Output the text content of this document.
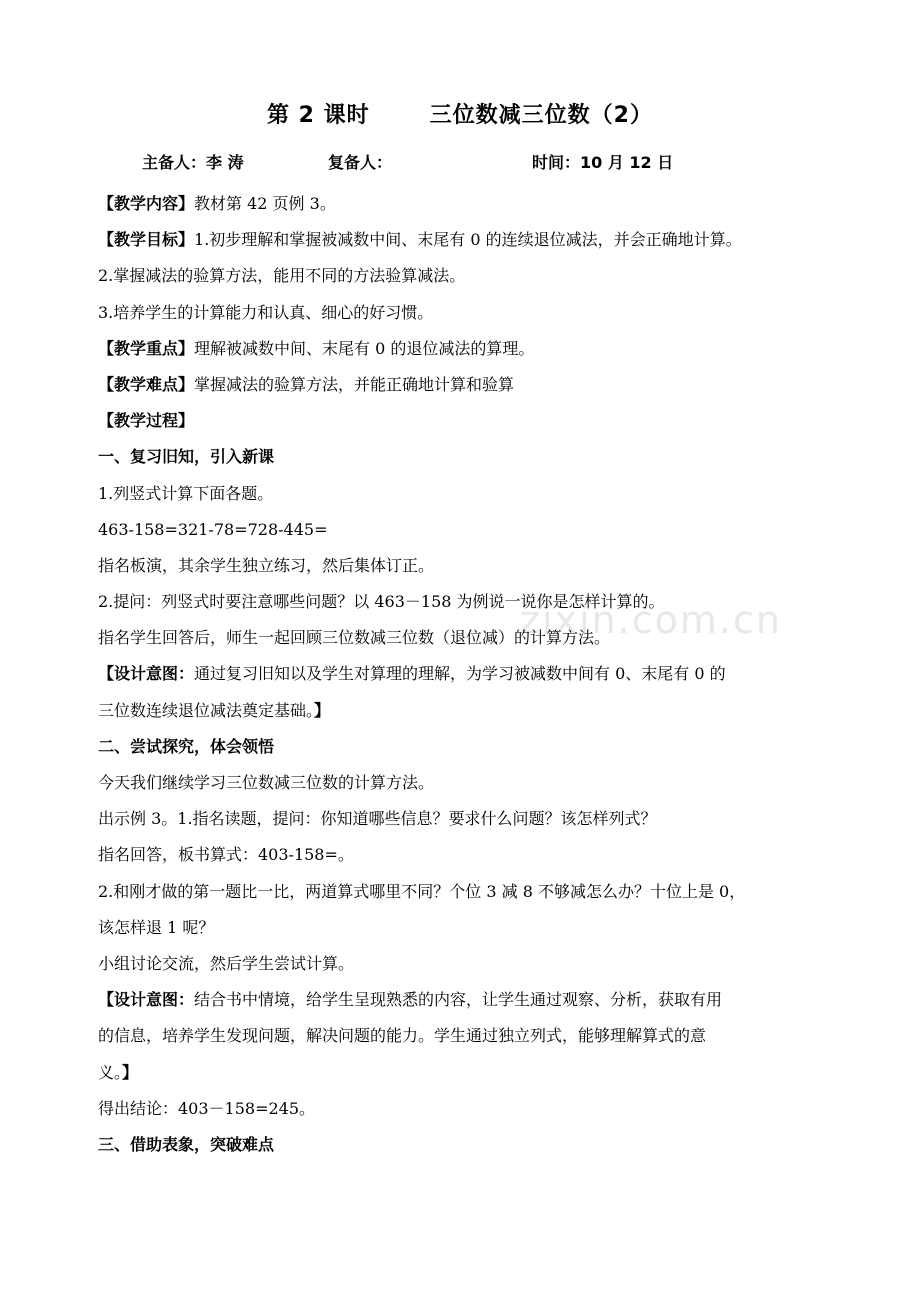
zixin.com.cn
第 2 课时	三位数减三位数（2）
主备人：李 涛	复备人：	时间：10 月 12 日
【教学内容】教材第 42 页例 3。
【教学目标】1.初步理解和掌握被减数中间、末尾有 0 的连续退位减法，并会正确地计算。
2.掌握减法的验算方法，能用不同的方法验算减法。
3.培养学生的计算能力和认真、细心的好习惯。
【教学重点】理解被减数中间、末尾有 0 的退位减法的算理。
【教学难点】掌握减法的验算方法，并能正确地计算和验算
【教学过程】
一、复习旧知，引入新课
1.列竖式计算下面各题。
463-158=321-78=728-445=
指名板演，其余学生独立练习，然后集体订正。
2.提问：列竖式时要注意哪些问题？以 463－158 为例说一说你是怎样计算的。
指名学生回答后，师生一起回顾三位数减三位数（退位减）的计算方法。
【设计意图：通过复习旧知以及学生对算理的理解，为学习被减数中间有 0、末尾有 0 的
三位数连续退位减法奠定基础。】
二、尝试探究，体会领悟
今天我们继续学习三位数减三位数的计算方法。
出示例 3。1.指名读题，提问：你知道哪些信息？要求什么问题？该怎样列式？
指名回答，板书算式：403-158=。
2.和刚才做的第一题比一比，两道算式哪里不同？个位 3 减 8 不够减怎么办？十位上是 0，
该怎样退 1 呢？
小组讨论交流，然后学生尝试计算。
【设计意图：结合书中情境，给学生呈现熟悉的内容，让学生通过观察、分析，获取有用
的信息，培养学生发现问题，解决问题的能力。学生通过独立列式，能够理解算式的意
义。】
得出结论：403－158=245。
三、借助表象，突破难点
